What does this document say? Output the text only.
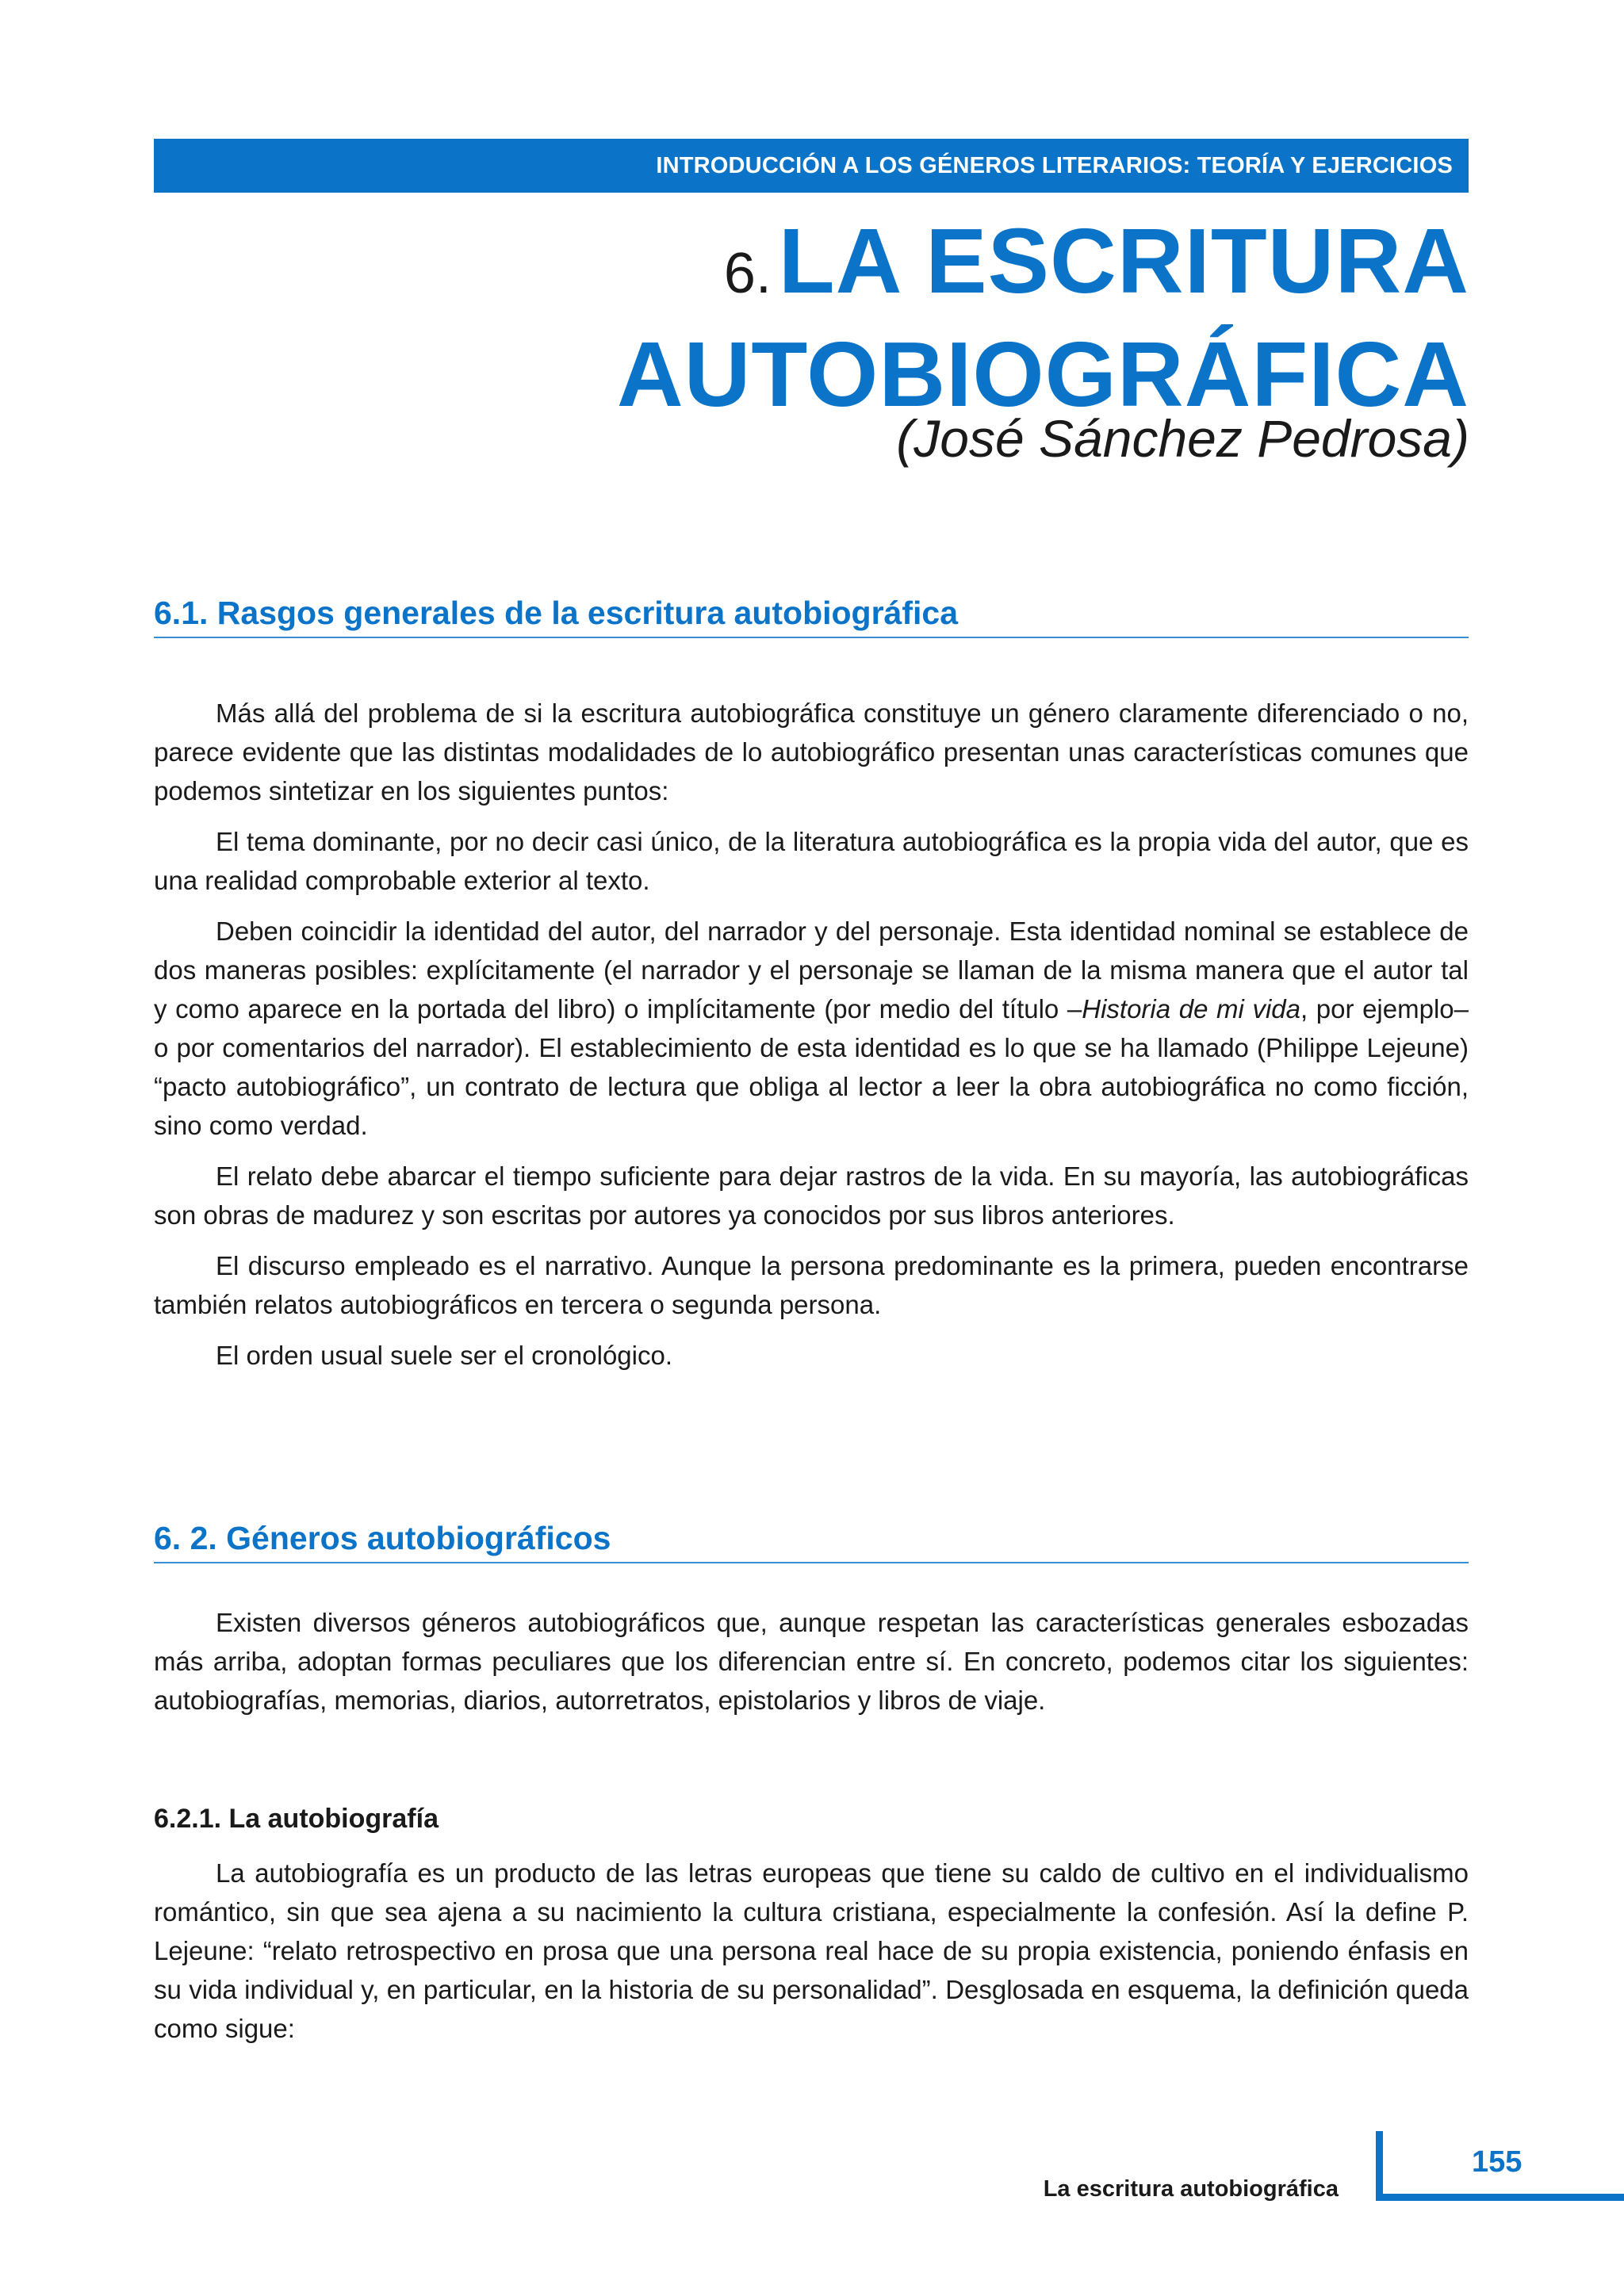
INTRODUCCIÓN A LOS GÉNEROS LITERARIOS: TEORÍA Y EJERCICIOS
6. LA ESCRITURA
AUTOBIOGRÁFICA

(José Sánchez Pedrosa)

6.1. Rasgos generales de la escritura autobiográfica

Más allá del problema de si la escritura autobiográfica constituye un género claramente diferenciado o no, parece evidente que las distintas modalidades de lo autobiográfico presentan unas características comunes que podemos sintetizar en los siguientes puntos:

El tema dominante, por no decir casi único, de la literatura autobiográfica es la propia vida del autor, que es una realidad comprobable exterior al texto.

Deben coincidir la identidad del autor, del narrador y del personaje. Esta identidad nominal se establece de dos maneras posibles: explícitamente (el narrador y el personaje se llaman de la misma manera que el autor tal y como aparece en la portada del libro) o implícitamente (por medio del título –Historia de mi vida, por ejemplo– o por comentarios del narrador). El establecimiento de esta identidad es lo que se ha llamado (Philippe Lejeune) “pacto autobiográfico”, un contrato de lectura que obliga al lector a leer la obra autobiográfica no como ficción, sino como verdad.

El relato debe abarcar el tiempo suficiente para dejar rastros de la vida. En su mayoría, las autobiográficas son obras de madurez y son escritas por autores ya conocidos por sus libros anteriores.

El discurso empleado es el narrativo. Aunque la persona predominante es la primera, pueden encontrarse también relatos autobiográficos en tercera o segunda persona.

El orden usual suele ser el cronológico.

6. 2. Géneros autobiográficos

Existen diversos géneros autobiográficos que, aunque respetan las características generales esbozadas más arriba, adoptan formas peculiares que los diferencian entre sí. En concreto, podemos citar los siguientes: autobiografías, memorias, diarios, autorretratos, epistolarios y libros de viaje.

6.2.1. La autobiografía

La autobiografía es un producto de las letras europeas que tiene su caldo de cultivo en el individualismo romántico, sin que sea ajena a su nacimiento la cultura cristiana, especialmente la confesión. Así la define P. Lejeune: “relato retrospectivo en prosa que una persona real hace de su propia existencia, poniendo énfasis en su vida individual y, en particular, en la historia de su personalidad”. Desglosada en esquema, la definición queda como sigue:

155

La escritura autobiográfica
